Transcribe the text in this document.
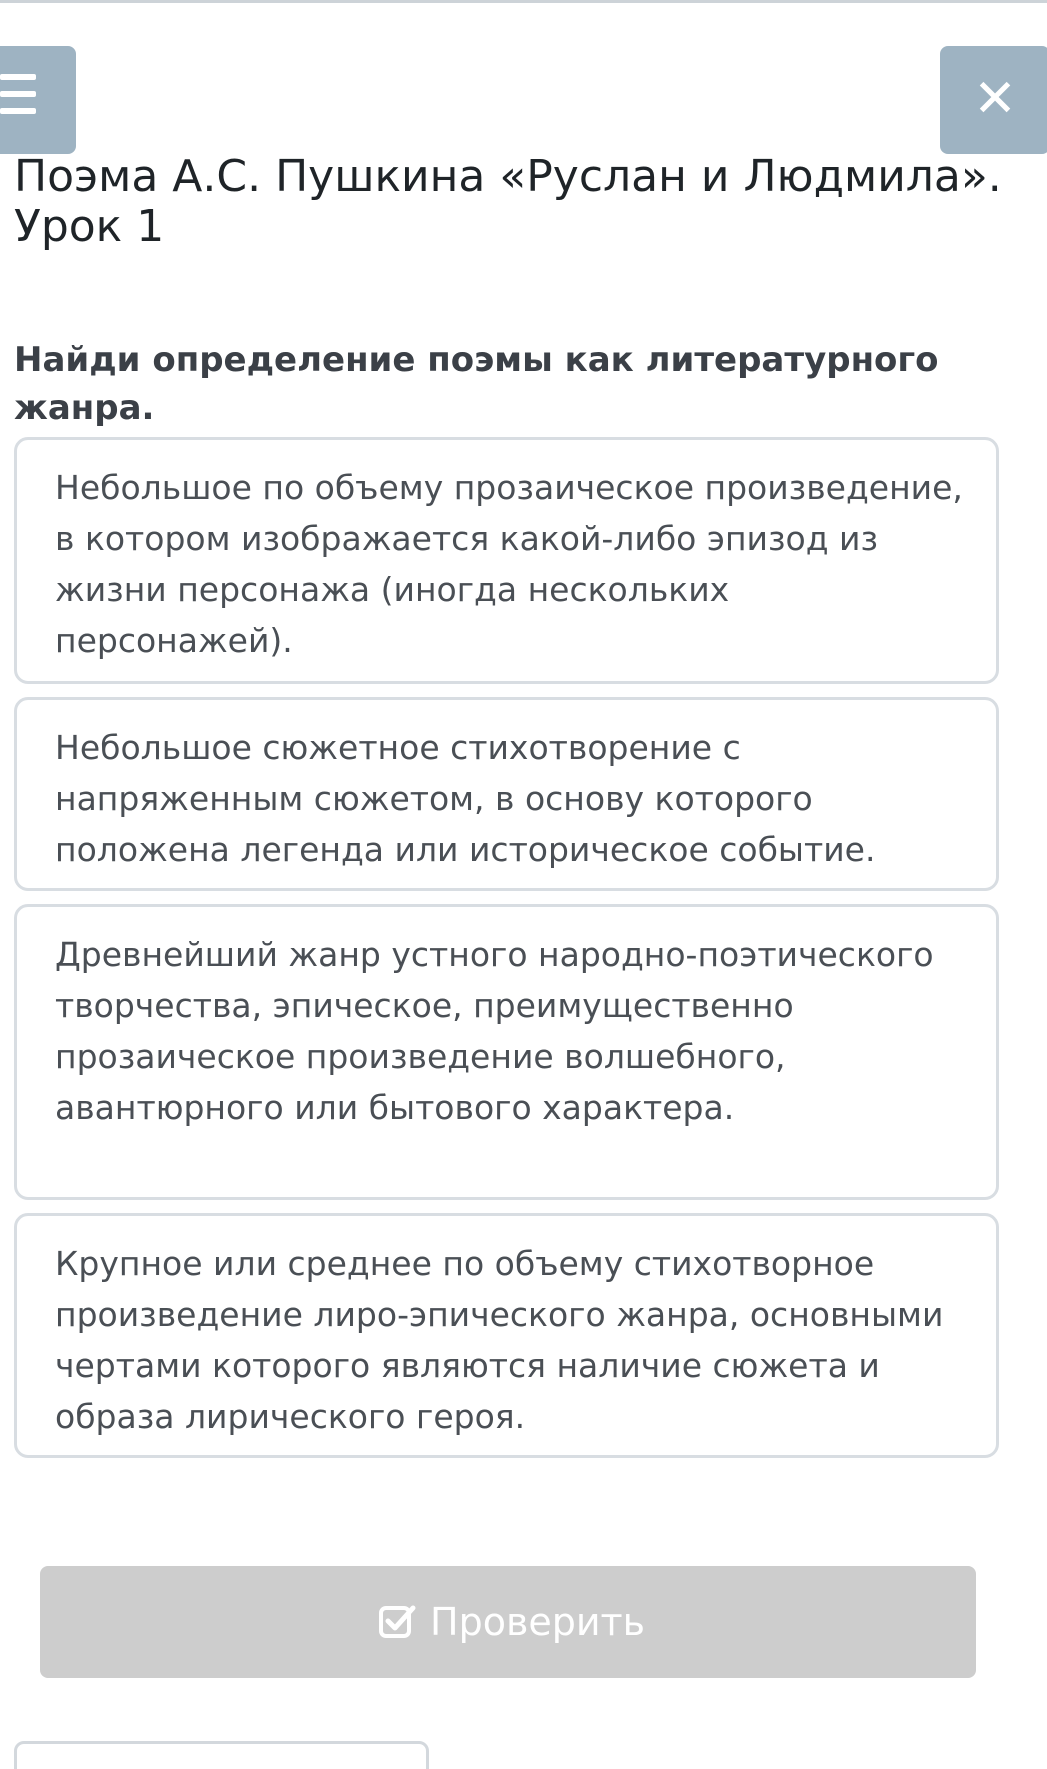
✕
Поэма А.С. Пушкина «Руслан и Людмила». Урок 1
Найди определение поэмы как литературного жанра.
Небольшое по объему прозаическое произведение, в котором изображается какой-либо эпизод из жизни персонажа (иногда нескольких персонажей).
Небольшое сюжетное стихотворение с напряженным сюжетом, в основу которого положена легенда или историческое событие.
Древнейший жанр устного народно-поэтического творчества, эпическое, преимущественно прозаическое произведение волшебного, авантюрного или бытового характера.
Крупное или среднее по объему стихотворное произведение лиро-эпического жанра, основными чертами которого являются наличие сюжета и образа лирического героя.
Проверить
